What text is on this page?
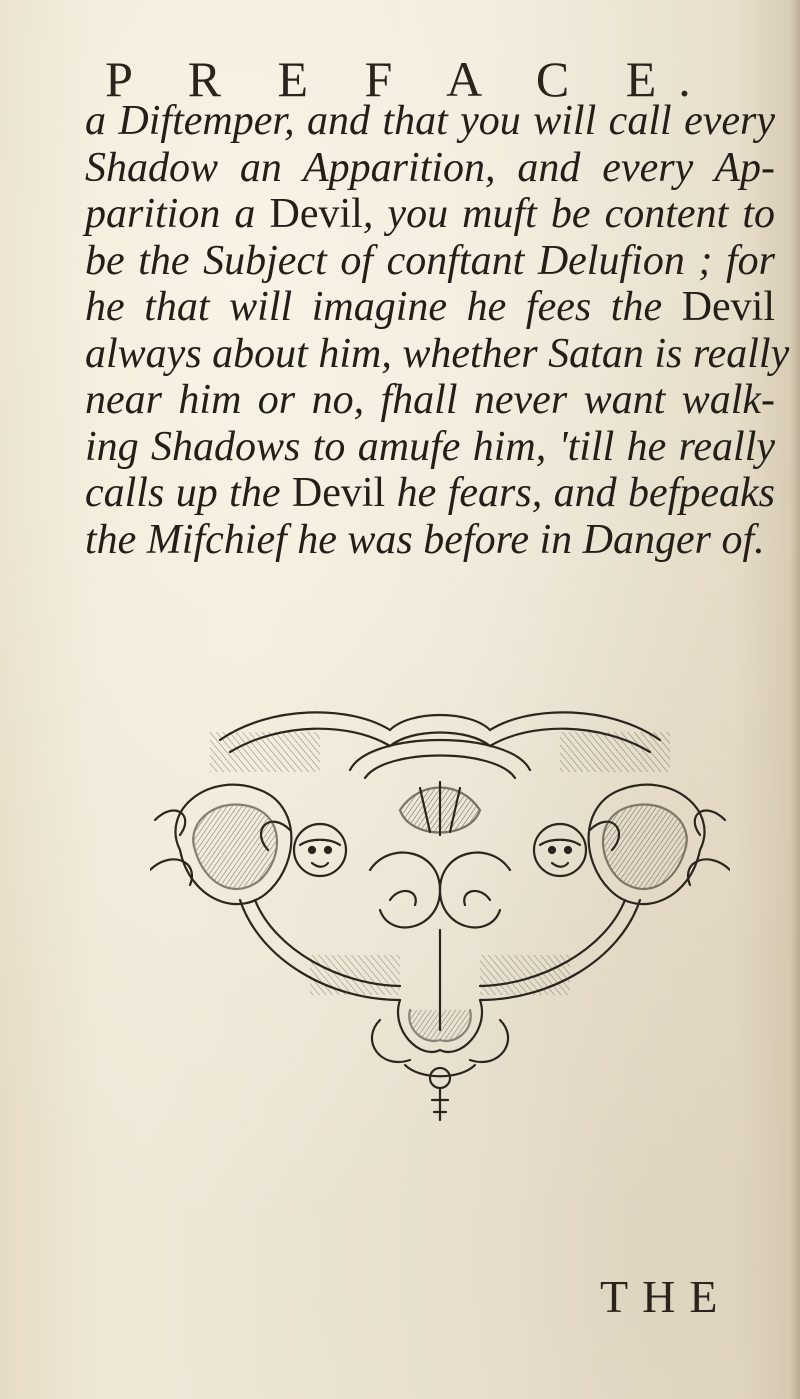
P R E F A C E.
a Diftemper, and that you will call every
Shadow an Apparition, and every Ap-
parition a Devil, you muft be content to
be the Subject of conftant Delufion ; for
he that will imagine he fees the Devil
always about him, whether Satan is really
near him or no, fhall never want walk-
ing Shadows to amufe him, 'till he really
calls up the Devil he fears, and befpeaks
the Mifchief he was before in Danger of.
THE
